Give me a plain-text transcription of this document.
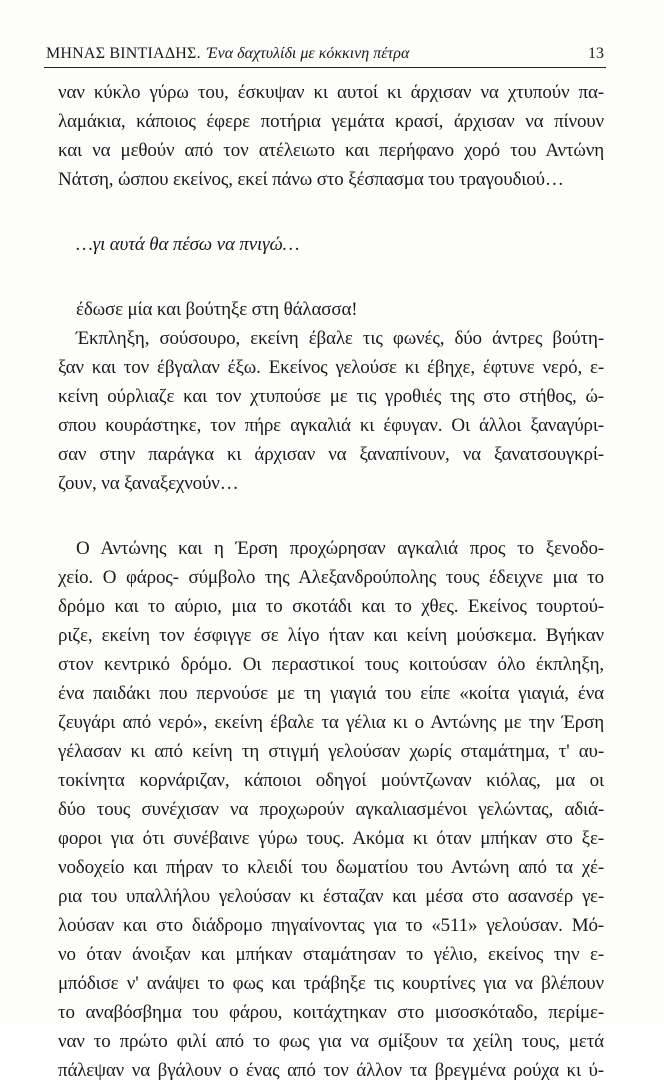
ΜΗΝΑΣ ΒΙΝΤΙΑΔΗΣ. Ένα δαχτυλίδι με κόκκινη πέτρα	13
ναν κύκλο γύρω του, έσκυψαν κι αυτοί κι άρχισαν να χτυπούν πα-
λαμάκια, κάποιος έφερε ποτήρια γεμάτα κρασί, άρχισαν να πίνουν
και να μεθούν από τον ατέλειωτο και περήφανο χορό του Αντώνη
Νάτση, ώσπου εκείνος, εκεί πάνω στο ξέσπασμα του τραγουδιού…
…γι αυτά θα πέσω να πνιγώ…
έδωσε μία και βούτηξε στη θάλασσα!
Έκπληξη, σούσουρο, εκείνη έβαλε τις φωνές, δύο άντρες βούτη-
ξαν και τον έβγαλαν έξω. Εκείνος γελούσε κι έβηχε, έφτυνε νερό, ε-
κείνη ούρλιαζε και τον χτυπούσε με τις γροθιές της στο στήθος, ώ-
σπου κουράστηκε, τον πήρε αγκαλιά κι έφυγαν. Οι άλλοι ξαναγύρι-
σαν στην παράγκα κι άρχισαν να ξαναπίνουν, να ξανατσουγκρί-
ζουν, να ξαναξεχνούν…
Ο Αντώνης και η Έρση προχώρησαν αγκαλιά προς το ξενοδο-
χείο. Ο φάρος- σύμβολο της Αλεξανδρούπολης τους έδειχνε μια το
δρόμο και το αύριο, μια το σκοτάδι και το χθες. Εκείνος τουρτού-
ριζε, εκείνη τον έσφιγγε σε λίγο ήταν και κείνη μούσκεμα. Βγήκαν
στον κεντρικό δρόμο. Οι περαστικοί τους κοιτούσαν όλο έκπληξη,
ένα παιδάκι που περνούσε με τη γιαγιά του είπε «κοίτα γιαγιά, ένα
ζευγάρι από νερό», εκείνη έβαλε τα γέλια κι ο Αντώνης με την Έρση
γέλασαν κι από κείνη τη στιγμή γελούσαν χωρίς σταμάτημα, τ' αυ-
τοκίνητα κορνάριζαν, κάποιοι οδηγοί μούντζωναν κιόλας, μα οι
δύο τους συνέχισαν να προχωρούν αγκαλιασμένοι γελώντας, αδιά-
φοροι για ότι συνέβαινε γύρω τους. Ακόμα κι όταν μπήκαν στο ξε-
νοδοχείο και πήραν το κλειδί του δωματίου του Αντώνη από τα χέ-
ρια του υπαλλήλου γελούσαν κι έσταζαν και μέσα στο ασανσέρ γε-
λούσαν και στο διάδρομο πηγαίνοντας για το «511» γελούσαν. Μό-
νο όταν άνοιξαν και μπήκαν σταμάτησαν το γέλιο, εκείνος την ε-
μπόδισε ν' ανάψει το φως και τράβηξε τις κουρτίνες για να βλέπουν
το αναβόσβημα του φάρου, κοιτάχτηκαν στο μισοσκόταδο, περίμε-
ναν το πρώτο φιλί από το φως για να σμίξουν τα χείλη τους, μετά
πάλεψαν να βγάλουν ο ένας από τον άλλον τα βρεγμένα ρούχα κι ύ-
